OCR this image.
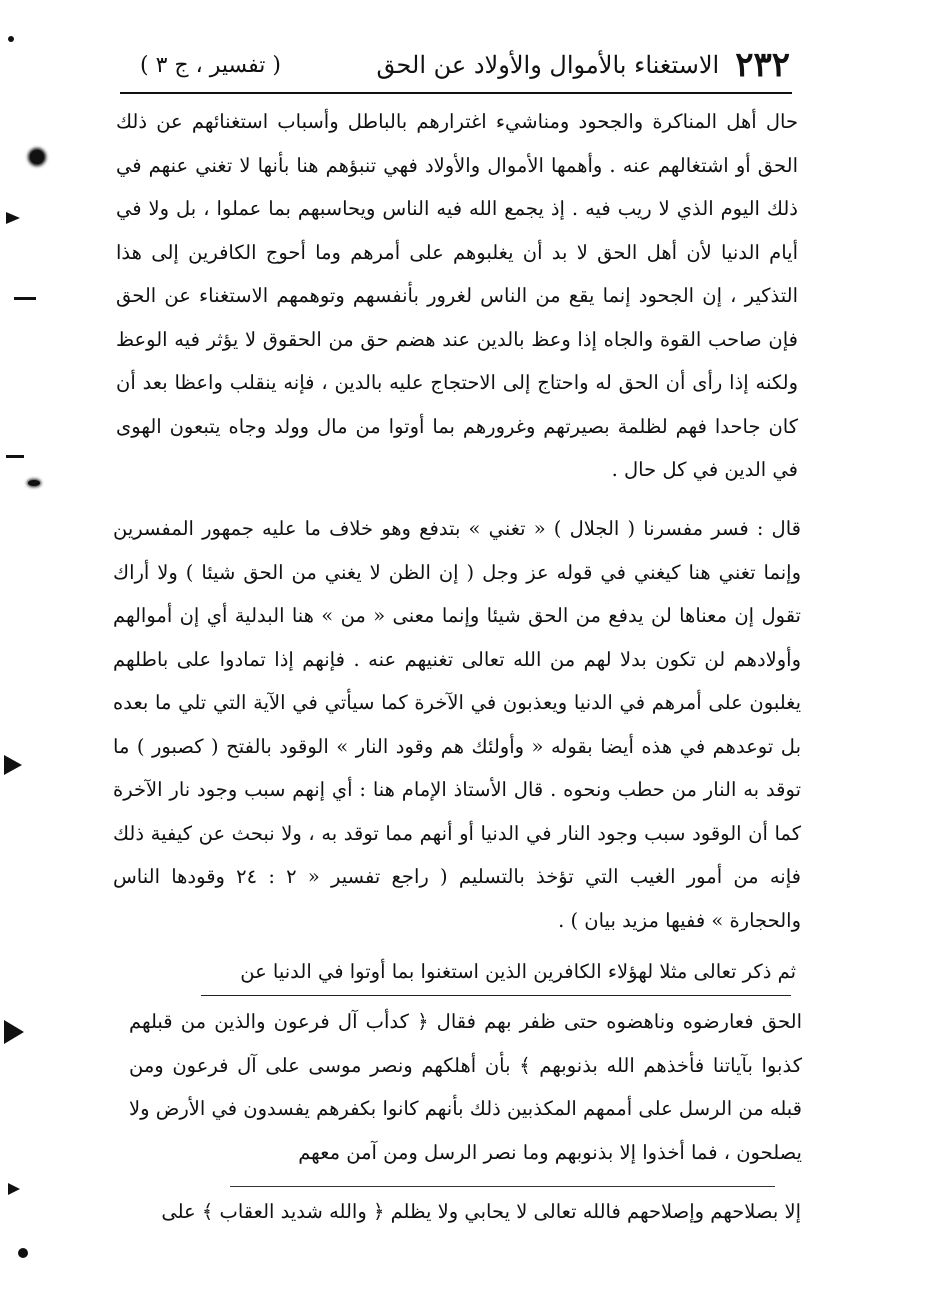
٢٣٢
الاستغناء بالأموال والأولاد عن الحق
( تفسير ، ج ٣ )

حال أهل المناكرة والجحود ومناشيء اغترارهم بالباطل وأسباب استغنائهم عن ذلك الحق أو اشتغالهم عنه . وأهمها الأموال والأولاد فهي تنبؤهم هنا بأنها لا تغني عنهم في ذلك اليوم الذي لا ريب فيه . إذ يجمع الله فيه الناس ويحاسبهم بما عملوا ، بل ولا في أيام الدنيا لأن أهل الحق لا بد أن يغلبوهم على أمرهم وما أحوج الكافرين إلى هذا التذكير ، إن الجحود إنما يقع من الناس لغرور بأنفسهم وتوهمهم الاستغناء عن الحق فإن صاحب القوة والجاه إذا وعظ بالدين عند هضم حق من الحقوق لا يؤثر فيه الوعظ ولكنه إذا رأى أن الحق له واحتاج إلى الاحتجاج عليه بالدين ، فإنه ينقلب واعظا بعد أن كان جاحدا فهم لظلمة بصيرتهم وغرورهم بما أوتوا من مال وولد وجاه يتبعون الهوى في الدين في كل حال .

قال : فسر مفسرنا ( الجلال ) « تغني » بتدفع وهو خلاف ما عليه جمهور المفسرين وإنما تغني هنا كيغني في قوله عز وجل ( إن الظن لا يغني من الحق شيئا ) ولا أراك تقول إن معناها لن يدفع من الحق شيئا وإنما معنى « من » هنا البدلية أي إن أموالهم وأولادهم لن تكون بدلا لهم من الله تعالى تغنيهم عنه . فإنهم إذا تمادوا على باطلهم يغلبون على أمرهم في الدنيا ويعذبون في الآخرة كما سيأتي في الآية التي تلي ما بعده بل توعدهم في هذه أيضا بقوله « وأولئك هم وقود النار » الوقود بالفتح ( كصبور ) ما توقد به النار من حطب ونحوه . قال الأستاذ الإمام هنا : أي إنهم سبب وجود نار الآخرة كما أن الوقود سبب وجود النار في الدنيا أو أنهم مما توقد به ، ولا نبحث عن كيفية ذلك فإنه من أمور الغيب التي تؤخذ بالتسليم ( راجع تفسير « ٢ : ٢٤ وقودها الناس والحجارة » ففيها مزيد بيان ) .

ثم ذكر تعالى مثلا لهؤلاء الكافرين الذين استغنوا بما أوتوا في الدنيا عن

الحق فعارضوه وناهضوه حتى ظفر بهم فقال ﴿ كدأب آل فرعون والذين من قبلهم كذبوا بآياتنا فأخذهم الله بذنوبهم ﴾ بأن أهلكهم ونصر موسى على آل فرعون ومن قبله من الرسل على أممهم المكذبين ذلك بأنهم كانوا بكفرهم يفسدون في الأرض ولا يصلحون ، فما أخذوا إلا بذنوبهم وما نصر الرسل ومن آمن معهم

إلا بصلاحهم وإصلاحهم فالله تعالى لا يحابي ولا يظلم ﴿ والله شديد العقاب ﴾ على
